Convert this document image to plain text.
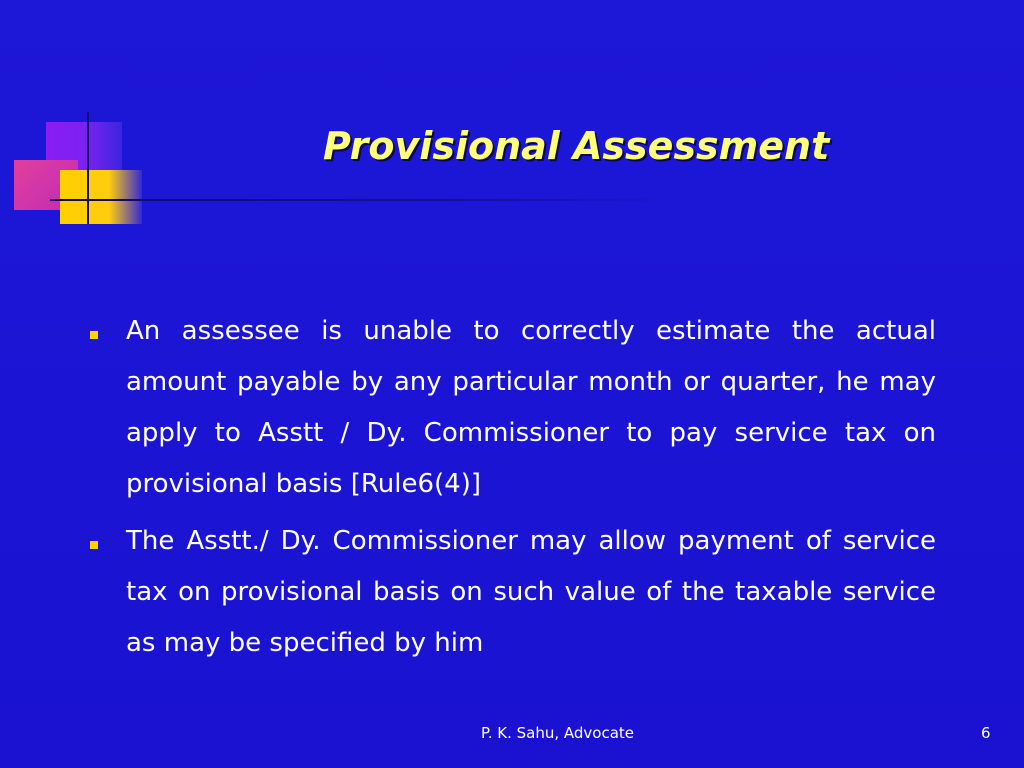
Provisional Assessment
An assessee is unable to correctly estimate the actual amount payable by any particular month or quarter, he may apply to Asstt / Dy. Commissioner to pay service tax on provisional basis [Rule6(4)]
The Asstt./ Dy. Commissioner may allow payment of service tax on provisional basis on such value of the taxable service as may be specified by him
P. K. Sahu, Advocate	6
